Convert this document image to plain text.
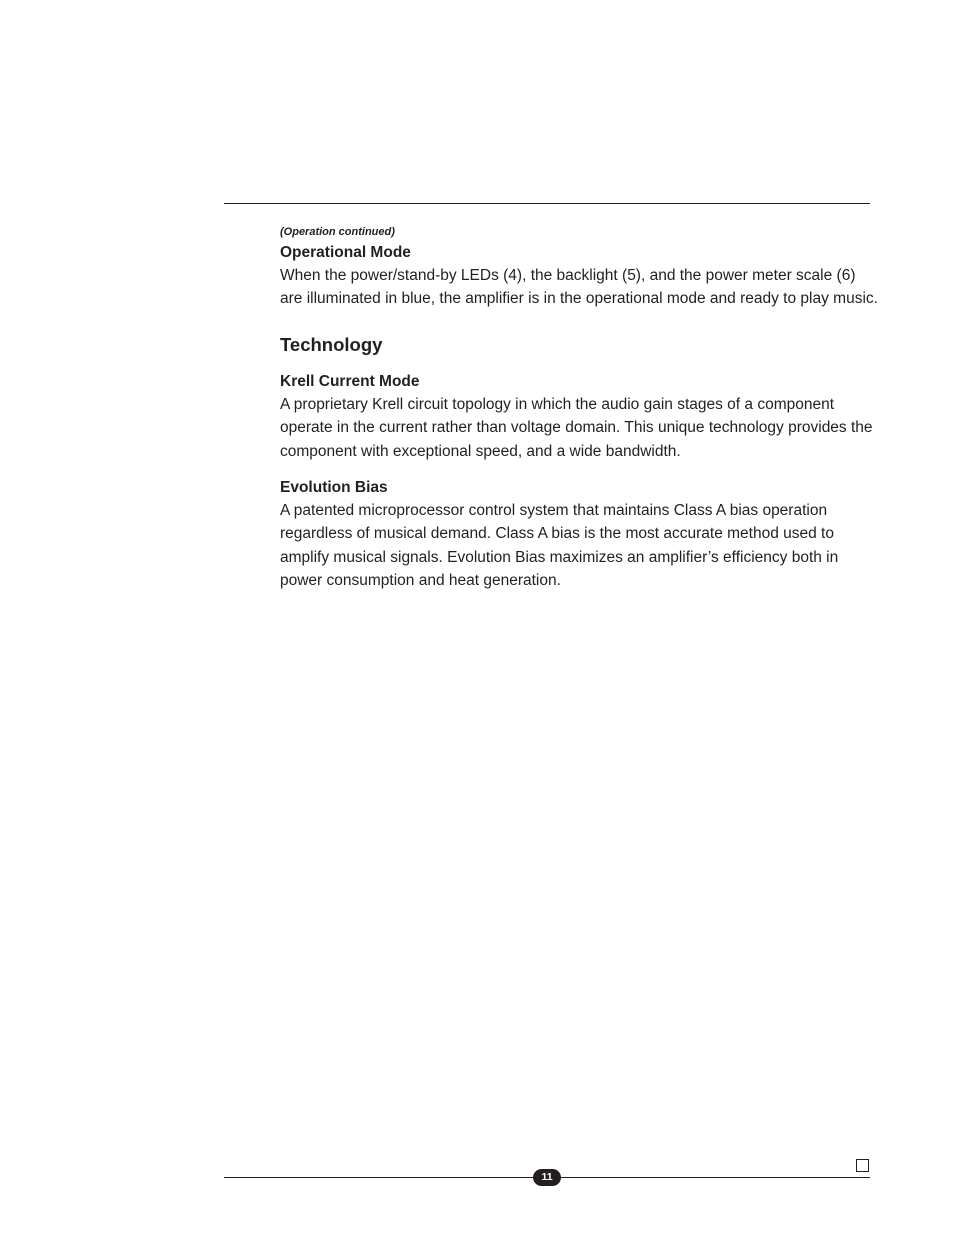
(Operation continued)

Operational Mode

When the power/stand-by LEDs (4), the backlight (5), and the power meter scale (6) are illuminated in blue, the amplifier is in the operational mode and ready to play music.

Technology

Krell Current Mode

A proprietary Krell circuit topology in which the audio gain stages of a component operate in the current rather than voltage domain. This unique technology provides the component with exceptional speed, and a wide bandwidth.

Evolution Bias

A patented microprocessor control system that maintains Class A bias operation regardless of musical demand. Class A bias is the most accurate method used to amplify musical signals. Evolution Bias maximizes an amplifier’s efficiency both in power consumption and heat generation.

11
